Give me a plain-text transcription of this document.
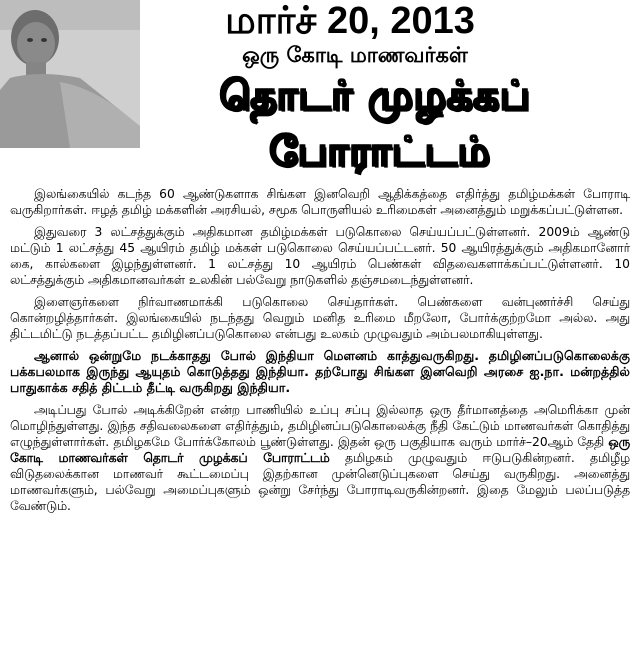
மார்ச் 20, 2013
ஒரு கோடி மாணவர்கள்
தொடர் முழக்கப்
போராட்டம்

இலங்கையில் கடந்த 60 ஆண்டுகளாக சிங்கள இனவெறி ஆதிக்கத்தை எதிர்த்து தமிழ்மக்கள் போராடி வருகிறார்கள். ஈழத் தமிழ் மக்களின் அரசியல், சமூக பொருளியல் உரிமைகள் அனைத்தும் மறுக்கப்பட்டுள்ளன.

இதுவரை 3 லட்சத்துக்கும் அதிகமான தமிழ்மக்கள் படுகொலை செய்யப்பட்டுள்ளனர். 2009ம் ஆண்டு மட்டும் 1 லட்சத்து 45 ஆயிரம் தமிழ் மக்கள் படுகொலை செய்யப்பட்டனர். 50 ஆயிரத்துக்கும் அதிகமானோர் கை, கால்களை இழந்துள்ளனர். 1 லட்சத்து 10 ஆயிரம் பெண்கள் விதவைகளாக்கப்பட்டுள்ளனர். 10 லட்சத்துக்கும் அதிகமானவர்கள் உலகின் பல்வேறு நாடுகளில் தஞ்சமடைந்துள்ளனர்.

இளைஞர்களை நிர்வாணமாக்கி படுகொலை செய்தார்கள். பெண்களை வன்புணர்ச்சி செய்து கொன்றழித்தார்கள். இலங்கையில் நடந்தது வெறும் மனித உரிமை மீறலோ, போர்க்குற்றமோ அல்ல. அது திட்டமிட்டு நடத்தப்பட்ட தமிழினப்படுகொலை என்பது உலகம் முழுவதும் அம்பலமாகியுள்ளது.

ஆனால் ஒன்றுமே நடக்காதது போல் இந்தியா மௌனம் காத்துவருகிறது. தமிழினப்படுகொலைக்கு பக்கபலமாக இருந்து ஆயுதம் கொடுத்தது இந்தியா. தற்போது சிங்கள இனவெறி அரசை ஐ.நா. மன்றத்தில் பாதுகாக்க சதித் திட்டம் தீட்டி வருகிறது இந்தியா.

அடிப்பது போல் அடிக்கிறேன் என்ற பாணியில் உப்பு சப்பு இல்லாத ஒரு தீர்மானத்தை அமெரிக்கா முன் மொழிந்துள்ளது. இந்த சதிவலைகளை எதிர்த்தும், தமிழினப்படுகொலைக்கு நீதி கேட்டும் மாணவர்கள் கொதித்து எழுந்துள்ளார்கள். தமிழகமே போர்க்கோலம் பூண்டுள்ளது. இதன் ஒரு பகுதியாக வரும் மார்ச்–20ஆம் தேதி ஒரு கோடி மாணவர்கள் தொடர் முழக்கப் போராட்டம் தமிழகம் முழுவதும் ஈடுபடுகின்றனர். தமிழீழ விடுதலைக்கான மாணவர் கூட்டமைப்பு இதற்கான முன்னெடுப்புகளை செய்து வருகிறது. அனைத்து மாணவர்களும், பல்வேறு அமைப்புகளும் ஒன்று சேர்ந்து போராடிவருகின்றனர். இதை மேலும் பலப்படுத்த வேண்டும்.
